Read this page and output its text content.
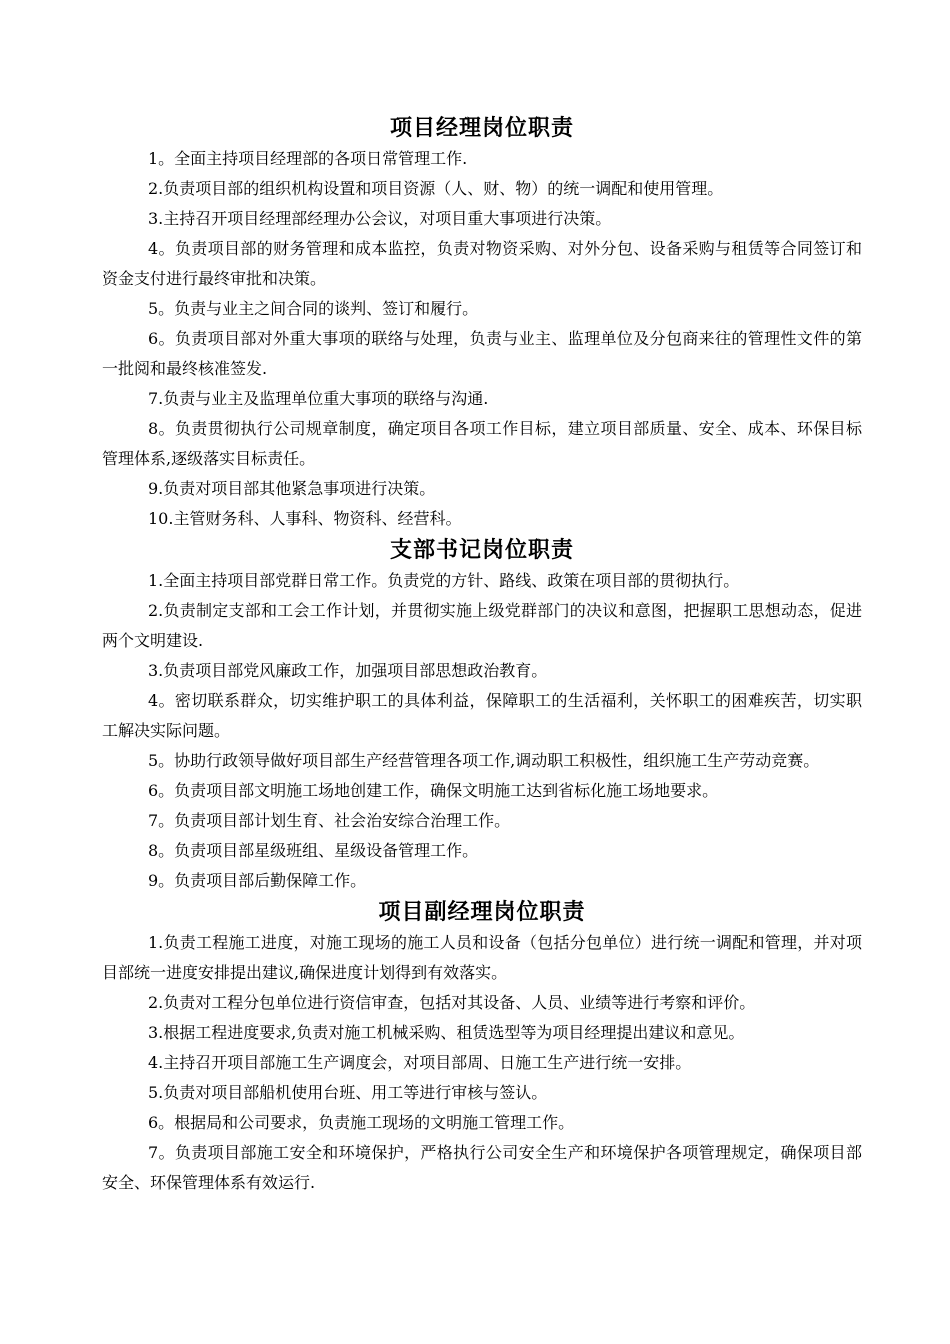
项目经理岗位职责

1。全面主持项目经理部的各项日常管理工作.

2.负责项目部的组织机构设置和项目资源（人、财、物）的统一调配和使用管理。

3.主持召开项目经理部经理办公会议，对项目重大事项进行决策。

4。负责项目部的财务管理和成本监控，负责对物资采购、对外分包、设备采购与租赁等合同签订和资金支付进行最终审批和决策。

5。负责与业主之间合同的谈判、签订和履行。

6。负责项目部对外重大事项的联络与处理，负责与业主、监理单位及分包商来往的管理性文件的第一批阅和最终核准签发.

7.负责与业主及监理单位重大事项的联络与沟通.

8。负责贯彻执行公司规章制度，确定项目各项工作目标，建立项目部质量、安全、成本、环保目标管理体系,逐级落实目标责任。

9.负责对项目部其他紧急事项进行决策。

10.主管财务科、人事科、物资科、经营科。

支部书记岗位职责

1.全面主持项目部党群日常工作。负责党的方针、路线、政策在项目部的贯彻执行。

2.负责制定支部和工会工作计划，并贯彻实施上级党群部门的决议和意图，把握职工思想动态，促进两个文明建设.

3.负责项目部党风廉政工作，加强项目部思想政治教育。

4。密切联系群众，切实维护职工的具体利益，保障职工的生活福利，关怀职工的困难疾苦，切实职工解决实际问题。

5。协助行政领导做好项目部生产经营管理各项工作,调动职工积极性，组织施工生产劳动竞赛。

6。负责项目部文明施工场地创建工作，确保文明施工达到省标化施工场地要求。

7。负责项目部计划生育、社会治安综合治理工作。

8。负责项目部星级班组、星级设备管理工作。

9。负责项目部后勤保障工作。

项目副经理岗位职责

1.负责工程施工进度，对施工现场的施工人员和设备（包括分包单位）进行统一调配和管理，并对项目部统一进度安排提出建议,确保进度计划得到有效落实。

2.负责对工程分包单位进行资信审查，包括对其设备、人员、业绩等进行考察和评价。

3.根据工程进度要求,负责对施工机械采购、租赁选型等为项目经理提出建议和意见。

4.主持召开项目部施工生产调度会，对项目部周、日施工生产进行统一安排。

5.负责对项目部船机使用台班、用工等进行审核与签认。

6。根据局和公司要求，负责施工现场的文明施工管理工作。

7。负责项目部施工安全和环境保护，严格执行公司安全生产和环境保护各项管理规定，确保项目部安全、环保管理体系有效运行.
